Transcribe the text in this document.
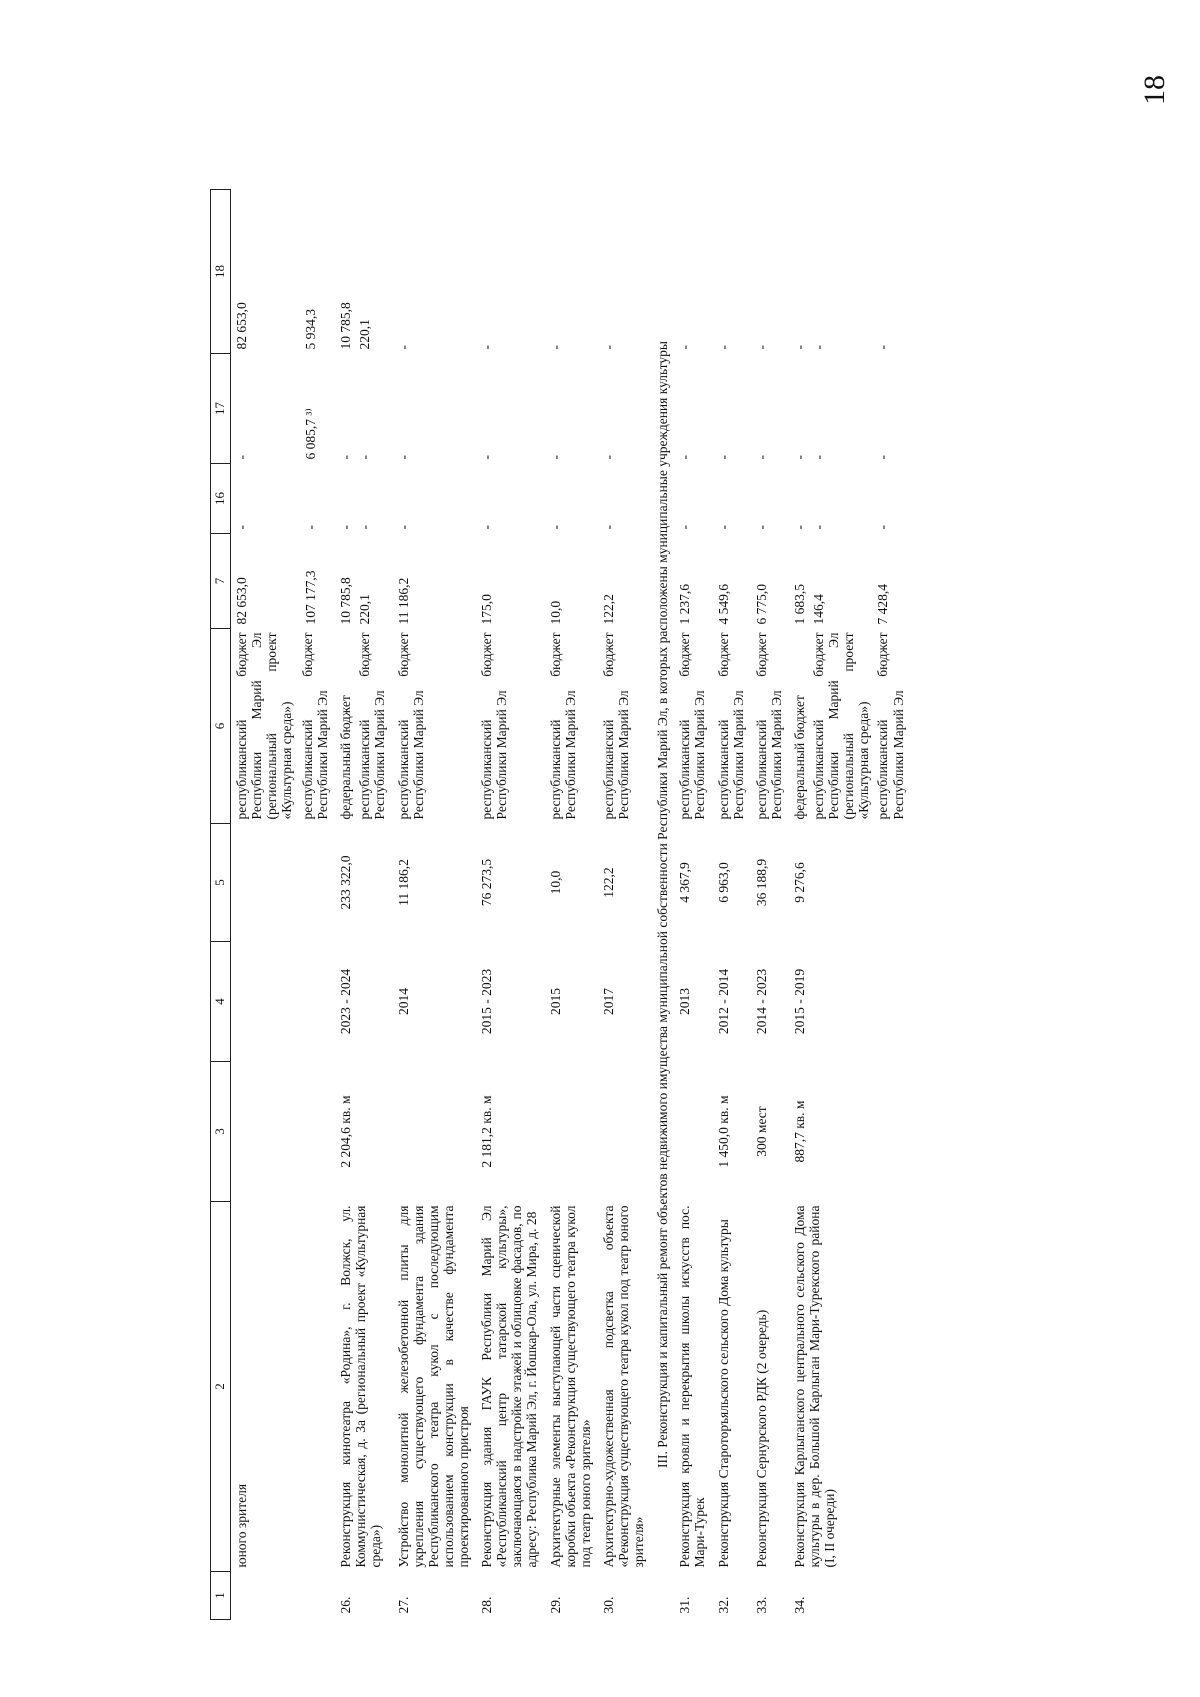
18
1	2	3	4	5	6	7	16	17	18
	юного зрителя				республиканский бюджет Республики Марий Эл (региональный проект «Культурная среда») республиканский бюджет Республики Марий Эл	82 653,0 107 177,3	- -	- 6 085,7 ³⁾	82 653,0 5 934,3

26.	Реконструкция кинотеатра «Родина», г. Волжск, ул. Коммунистическая, д. 3а (региональный проект «Культурная среда»)	2 204,6 кв. м	2023 - 2024	233 322,0	федеральный бюджет республиканский бюджет Республики Марий Эл	10 785,8 220,1	- -	- -	10 785,8 220,1

27.	Устройство монолитной железобетонной плиты для укрепления существующего фундамента здания Республиканского театра кукол с последующим использованием конструкции в качестве фундамента проектированного пристроя		2014	11 186,2	республиканский бюджет Республики Марий Эл	11 186,2	-	-	-

28.	Реконструкция здания ГАУК Республики Марий Эл «Республиканский центр татарской культуры», заключающаяся в надстройке этажей и облицовке фасадов, по адресу: Республика Марий Эл, г. Йошкар-Ола, ул. Мира, д. 28	2 181,2 кв. м	2015 - 2023	76 273,5	республиканский бюджет Республики Марий Эл	175,0	-	-	-

29.	Архитектурные элементы выступающей части сценической коробки объекта «Реконструкция существующего театра кукол под театр юного зрителя»		2015	10,0	республиканский бюджет Республики Марий Эл	10,0	-	-	-

30.	Архитектурно-художественная подсветка объекта «Реконструкция существующего театра кукол под театр юного зрителя»		2017	122,2	республиканский бюджет Республики Марий Эл	122,2	-	-	-

III. Реконструкция и капитальный ремонт объектов недвижимого имущества муниципальной собственности Республики Марий Эл, в которых расположены муниципальные учреждения культуры									
31.	Реконструкция кровли и перекрытия школы искусств пос. Мари-Турек		2013	4 367,9	республиканский бюджет Республики Марий Эл	1 237,6	-	-	-

32.	Реконструкция Староторъяльского сельского Дома культуры	1 450,0 кв. м	2012 - 2014	6 963,0	республиканский бюджет Республики Марий Эл	4 549,6	-	-	-

33.	Реконструкция Сернурского РДК (2 очередь)	300 мест	2014 - 2023	36 188,9	республиканский бюджет Республики Марий Эл	6 775,0	-	-	-

34.	Реконструкция Карлыганского центрального сельского Дома культуры в дер. Большой Карлыган Мари-Турекского района (I, II очереди)	887,7 кв. м	2015 - 2019	9 276,6	федеральный бюджет республиканский бюджет Республики Марий Эл (региональный проект «Культурная среда») республиканский бюджет Республики Марий Эл	1 683,5 146,4 7 428,4	- - -	- - -	- - -
